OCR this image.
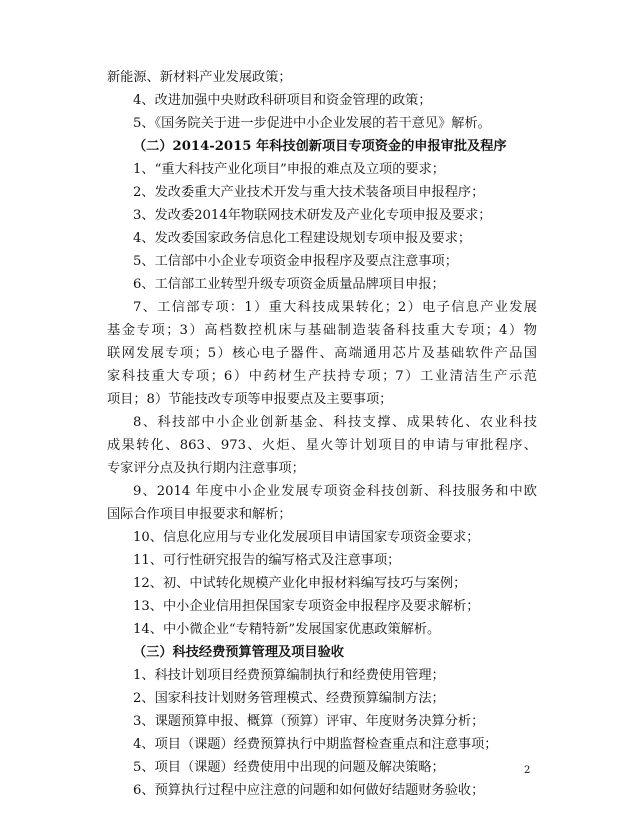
新能源、新材料产业发展政策；
4、改进加强中央财政科研项目和资金管理的政策；
5、《国务院关于进一步促进中小企业发展的若干意见》解析。
（二）2014-2015 年科技创新项目专项资金的申报审批及程序
1、“重大科技产业化项目”申报的难点及立项的要求；
2、发改委重大产业技术开发与重大技术装备项目申报程序；
3、发改委2014年物联网技术研发及产业化专项申报及要求；
4、发改委国家政务信息化工程建设规划专项申报及要求；
5、工信部中小企业专项资金申报程序及要点注意事项；
6、工信部工业转型升级专项资金质量品牌项目申报；
7、工信部专项：1）重大科技成果转化；2）电子信息产业发展
基金专项；3）高档数控机床与基础制造装备科技重大专项；4）物
联网发展专项；5）核心电子器件、高端通用芯片及基础软件产品国
家科技重大专项；6）中药材生产扶持专项；7）工业清洁生产示范
项目；8）节能技改专项等申报要点及主要事项；
8、科技部中小企业创新基金、科技支撑、成果转化、农业科技
成果转化、863、973、火炬、星火等计划项目的申请与审批程序、
专家评分点及执行期内注意事项；
9、2014 年度中小企业发展专项资金科技创新、科技服务和中欧
国际合作项目申报要求和解析；
10、信息化应用与专业化发展项目申请国家专项资金要求；
11、可行性研究报告的编写格式及注意事项；
12、初、中试转化规模产业化申报材料编写技巧与案例；
13、中小企业信用担保国家专项资金申报程序及要求解析；
14、中小微企业“专精特新”发展国家优惠政策解析。
（三）科技经费预算管理及项目验收
1、科技计划项目经费预算编制执行和经费使用管理；
2、国家科技计划财务管理模式、经费预算编制方法；
3、课题预算申报、概算（预算）评审、年度财务决算分析；
4、项目（课题）经费预算执行中期监督检查重点和注意事项；
5、项目（课题）经费使用中出现的问题及解决策略；
6、预算执行过程中应注意的问题和如何做好结题财务验收；
2
